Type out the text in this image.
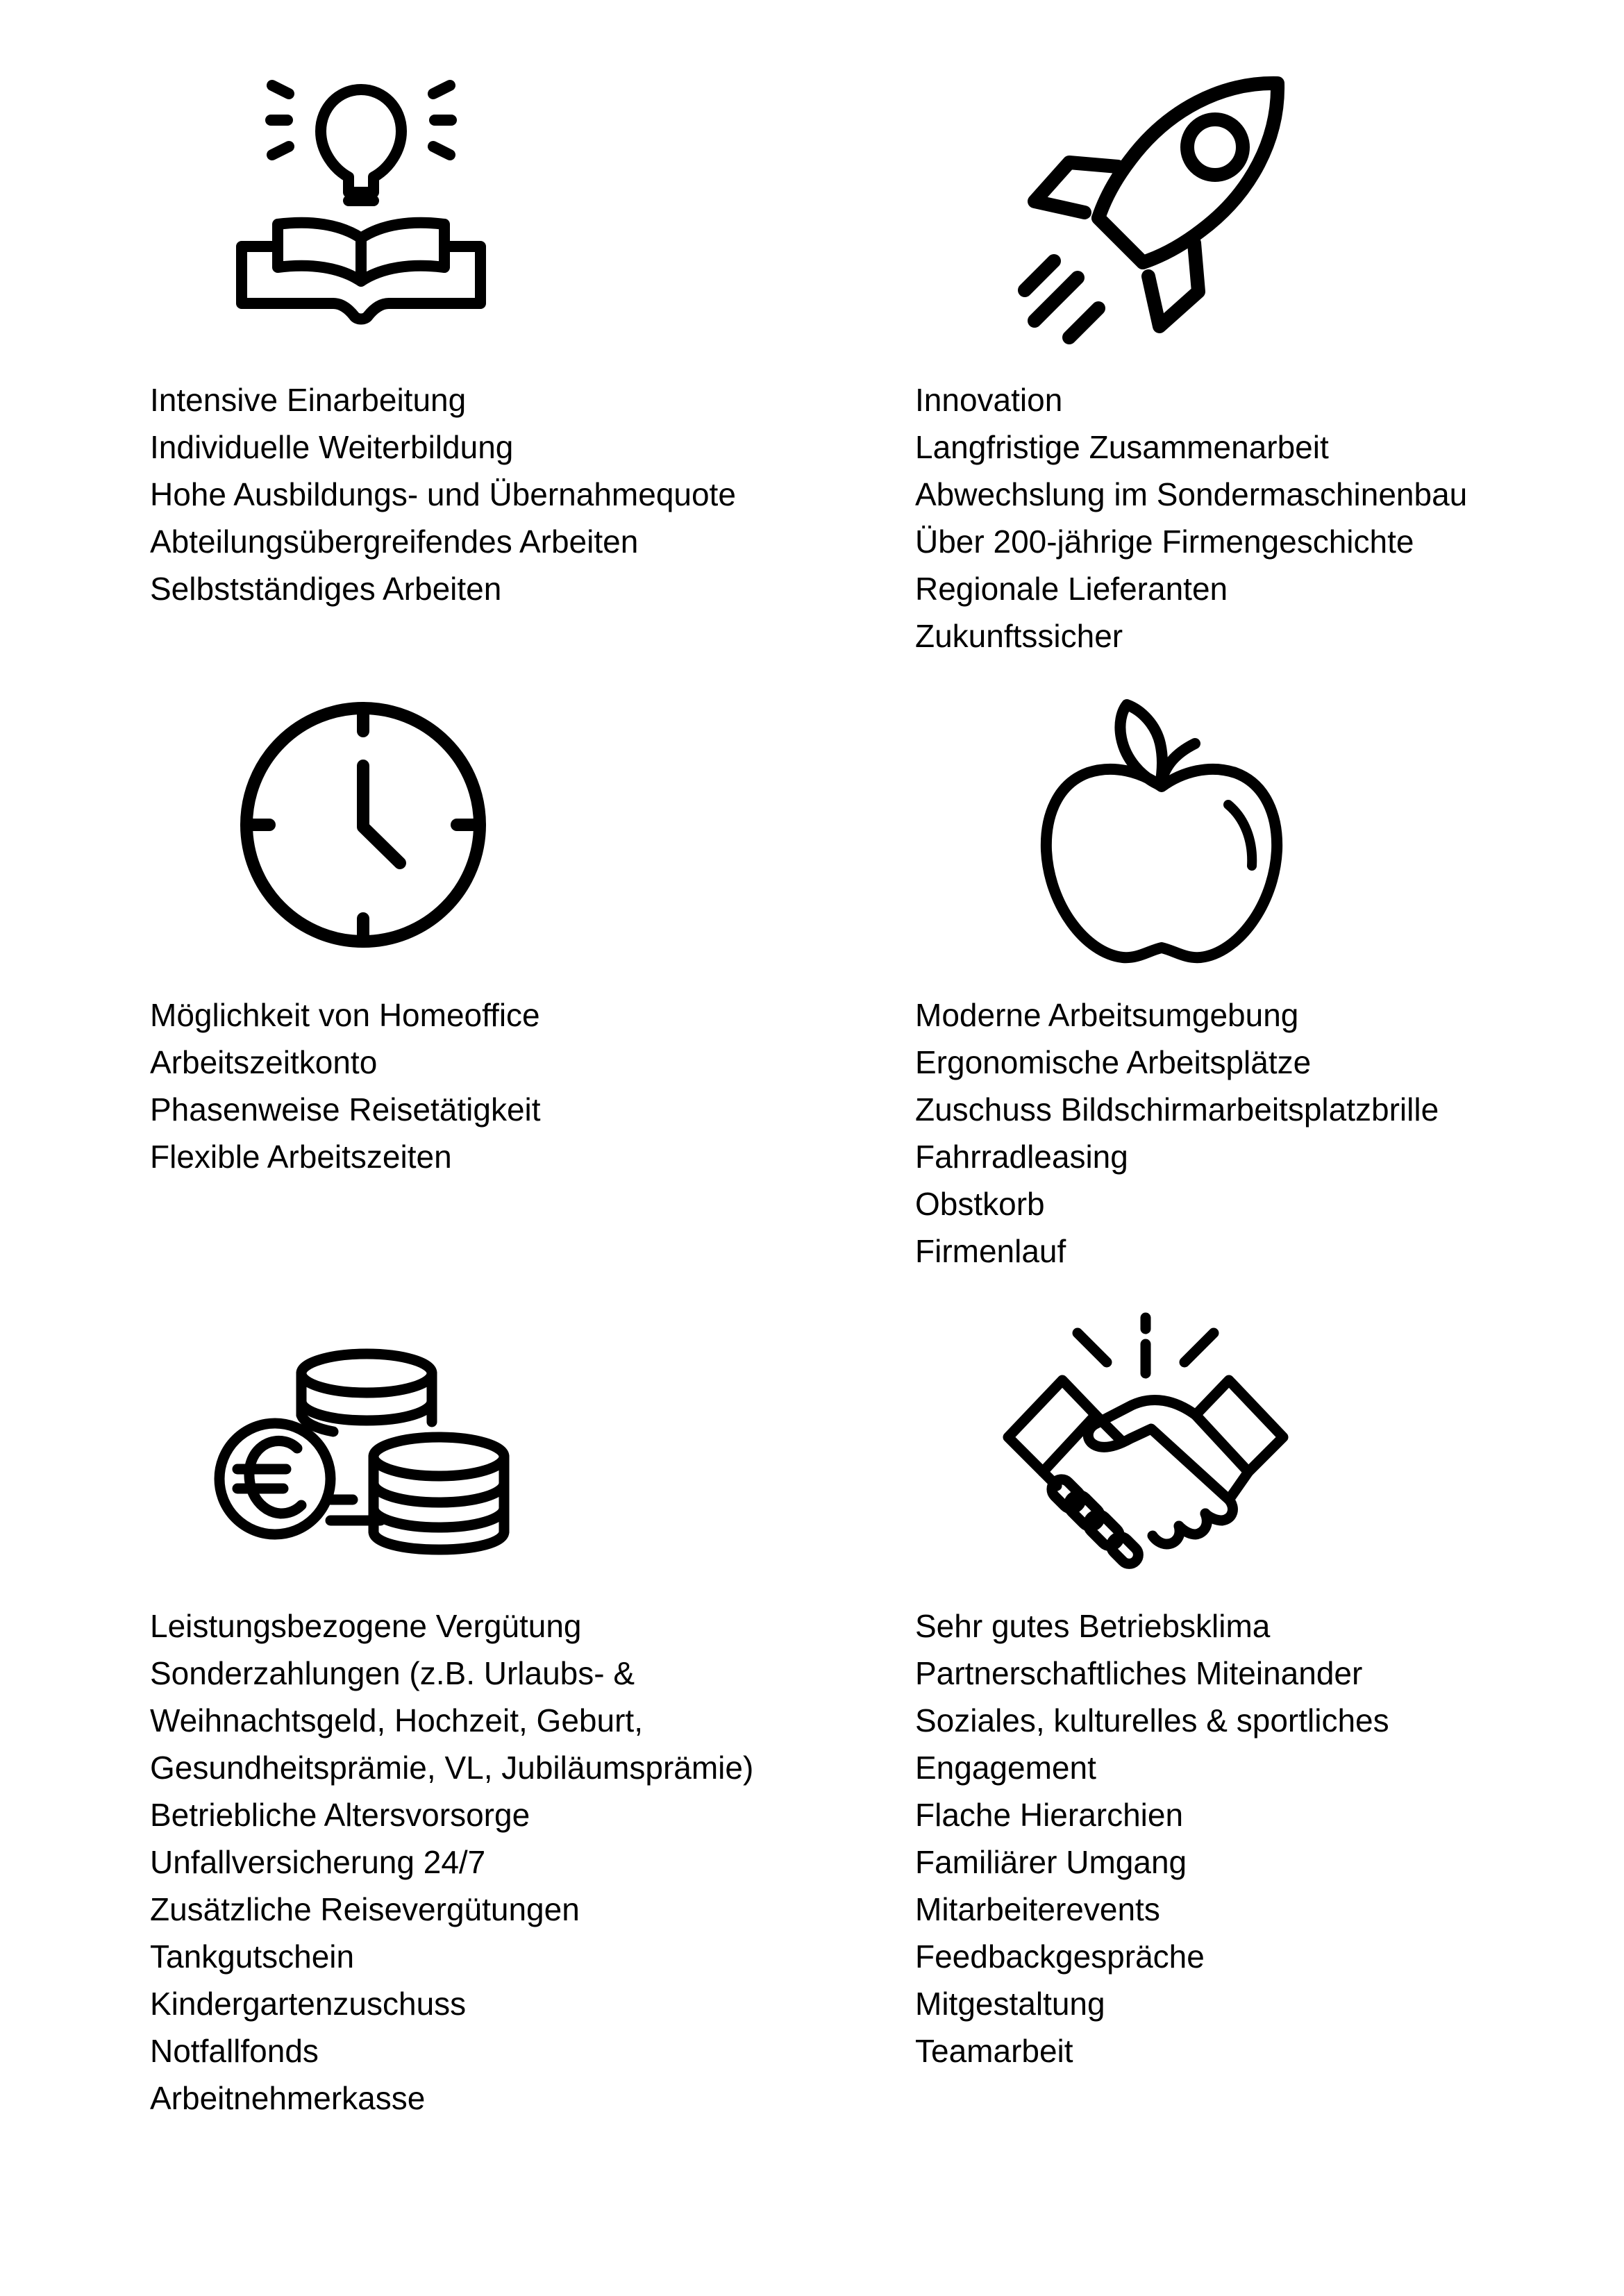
Intensive Einarbeitung
Individuelle Weiterbildung
Hohe Ausbildungs- und Übernahmequote
Abteilungsübergreifendes Arbeiten
Selbstständiges Arbeiten
Innovation
Langfristige Zusammenarbeit
Abwechslung im Sondermaschinenbau
Über 200-jährige Firmengeschichte
Regionale Lieferanten
Zukunftssicher
Möglichkeit von Homeoffice
Arbeitszeitkonto
Phasenweise Reisetätigkeit
Flexible Arbeitszeiten
Moderne Arbeitsumgebung
Ergonomische Arbeitsplätze
Zuschuss Bildschirmarbeitsplatzbrille
Fahrradleasing
Obstkorb
Firmenlauf
Leistungsbezogene Vergütung
Sonderzahlungen (z.B. Urlaubs- & Weihnachtsgeld, Hochzeit, Geburt, Gesundheitsprämie, VL, Jubiläumsprämie)
Betriebliche Altersvorsorge
Unfallversicherung 24/7
Zusätzliche Reisevergütungen
Tankgutschein
Kindergartenzuschuss
Notfallfonds
Arbeitnehmerkasse
Sehr gutes Betriebsklima
Partnerschaftliches Miteinander
Soziales, kulturelles & sportliches Engagement
Flache Hierarchien
Familiärer Umgang
Mitarbeiterevents
Feedbackgespräche
Mitgestaltung
Teamarbeit
